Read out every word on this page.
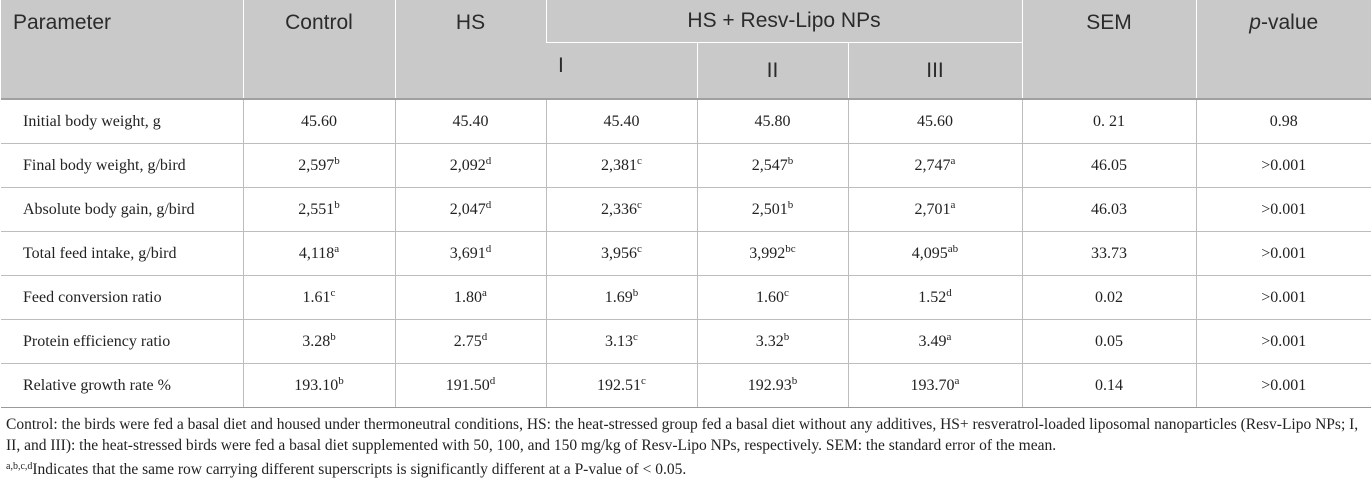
Parameter	Control	HS	HS + Resv-Lipo NPs			SEM	p-value
			I	II	III		
Initial body weight, g	45.60	45.40	45.40	45.80	45.60	0. 21	0.98
Final body weight, g/bird	2,597$^b$	2,092$^d$	2,381$^c$	2,547$^b$	2,747$^a$	46.05	>0.001
Absolute body gain, g/bird	2,551$^b$	2,047$^d$	2,336$^c$	2,501$^b$	2,701$^a$	46.03	>0.001
Total feed intake, g/bird	4,118$^a$	3,691$^d$	3,956$^c$	3,992$^{bc}$	4,095$^{ab}$	33.73	>0.001
Feed conversion ratio	1.61$^c$	1.80$^a$	1.69$^b$	1.60$^c$	1.52$^d$	0.02	>0.001
Protein efficiency ratio	3.28$^b$	2.75$^d$	3.13$^c$	3.32$^b$	3.49$^a$	0.05	>0.001
Relative growth rate %	193.10$^b$	191.50$^d$	192.51$^c$	192.93$^b$	193.70$^a$	0.14	>0.001

Control: the birds were fed a basal diet and housed under thermoneutral conditions, HS: the heat-stressed group fed a basal diet without any additives, HS+ resveratrol-loaded liposomal nanoparticles (Resv-Lipo NPs; I, II, and III): the heat-stressed birds were fed a basal diet supplemented with 50, 100, and 150 mg/kg of Resv-Lipo NPs, respectively. SEM: the standard error of the mean.

$^{a,b,c,d}$Indicates that the same row carrying different superscripts is significantly different at a P-value of < 0.05.
